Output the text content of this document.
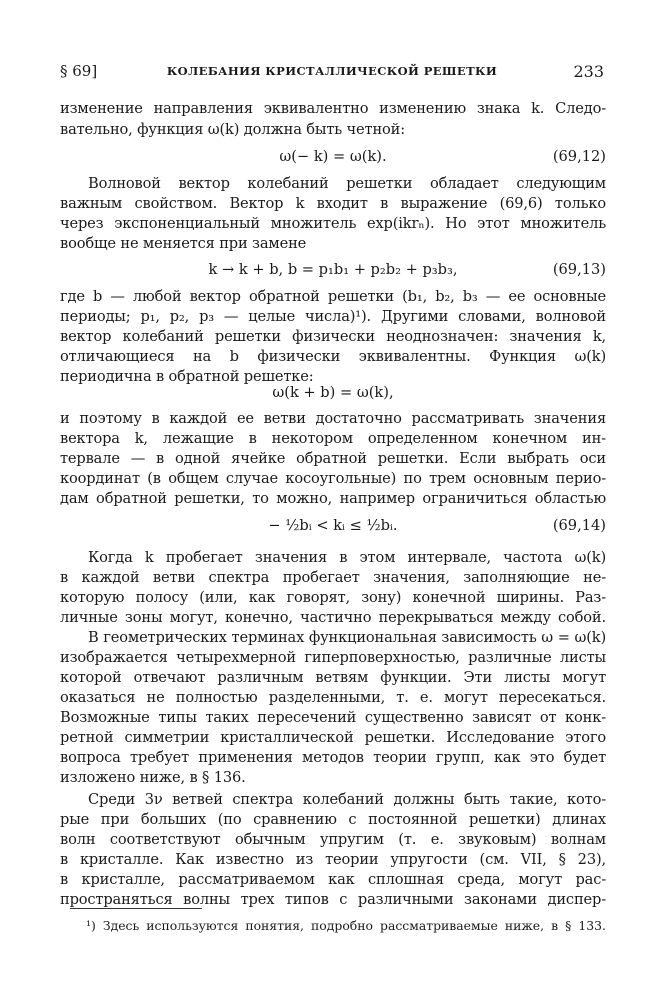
§ 69]	КОЛЕБАНИЯ КРИСТАЛЛИЧЕСКОЙ РЕШЕТКИ	233
изменение направления эквивалентно изменению знака k. Следо-
вательно, функция ω(k) должна быть четной:
ω(− k) = ω(k).	(69,12)
Волновой вектор колебаний решетки обладает следующим
важным свойством. Вектор k входит в выражение (69,6) только
через экспоненциальный множитель exp(ikrₙ). Но этот множитель
вообще не меняется при замене
k → k + b, b = p₁b₁ + p₂b₂ + p₃b₃,	(69,13)
где b — любой вектор обратной решетки (b₁, b₂, b₃ — ее основные
периоды; p₁, p₂, p₃ — целые числа)¹). Другими словами, волновой
вектор колебаний решетки физически неоднозначен: значения k,
отличающиеся на b физически эквивалентны. Функция ω(k)
периодична в обратной решетке:
ω(k + b) = ω(k),
и поэтому в каждой ее ветви достаточно рассматривать значения
вектора k, лежащие в некотором определенном конечном ин-
тервале — в одной ячейке обратной решетки. Если выбрать оси
координат (в общем случае косоугольные) по трем основным перио-
дам обратной решетки, то можно, например ограничиться областью
− ½bᵢ < kᵢ ≤ ½bᵢ.	(69,14)
Когда k пробегает значения в этом интервале, частота ω(k)
в каждой ветви спектра пробегает значения, заполняющие не-
которую полосу (или, как говорят, зону) конечной ширины. Раз-
личные зоны могут, конечно, частично перекрываться между собой.
В геометрических терминах функциональная зависимость ω = ω(k)
изображается четырехмерной гиперповерхностью, различные листы
которой отвечают различным ветвям функции. Эти листы могут
оказаться не полностью разделенными, т. е. могут пересекаться.
Возможные типы таких пересечений существенно зависят от конк-
ретной симметрии кристаллической решетки. Исследование этого
вопроса требует применения методов теории групп, как это будет
изложено ниже, в § 136.
Среди 3ν ветвей спектра колебаний должны быть такие, кото-
рые при больших (по сравнению с постоянной решетки) длинах
волн соответствуют обычным упругим (т. е. звуковым) волнам
в кристалле. Как известно из теории упругости (см. VII, § 23),
в кристалле, рассматриваемом как сплошная среда, могут рас-
пространяться волны трех типов с различными законами диспер-
¹) Здесь используются понятия, подробно рассматриваемые ниже, в § 133.
